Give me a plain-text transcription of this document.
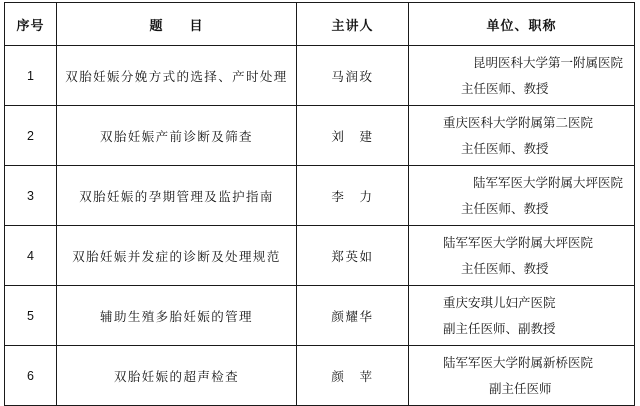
序号	题 目	主讲人	单位、职称
1	双胎妊娠分娩方式的选择、产时处理	马润玫	昆明医科大学第一附属医院
主任医师、教授

2	双胎妊娠产前诊断及筛查	刘　建	重庆医科大学附属第二医院
主任医师、教授

3	双胎妊娠的孕期管理及监护指南	李　力	陆军军医大学附属大坪医院
主任医师、教授

4	双胎妊娠并发症的诊断及处理规范	郑英如	陆军军医大学附属大坪医院
主任医师、教授

5	辅助生殖多胎妊娠的管理	颜耀华	重庆安琪儿妇产医院
副主任医师、副教授

6	双胎妊娠的超声检查	颜　苹	陆军军医大学附属新桥医院
副主任医师
